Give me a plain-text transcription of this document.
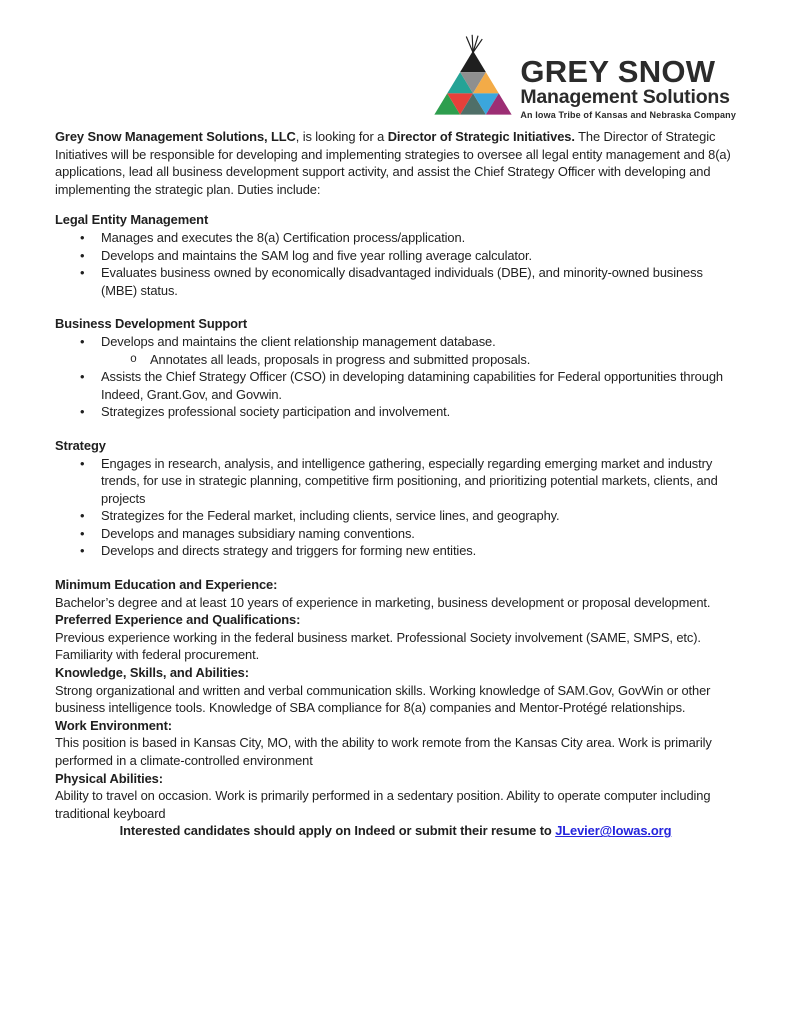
GREY SNOW
Management Solutions
An Iowa Tribe of Kansas and Nebraska Company

Grey Snow Management Solutions, LLC, is looking for a Director of Strategic Initiatives. The Director of Strategic Initiatives will be responsible for developing and implementing strategies to oversee all legal entity management and 8(a) applications, lead all business development support activity, and assist the Chief Strategy Officer with developing and implementing the strategic plan. Duties include:

Legal Entity Management
•	Manages and executes the 8(a) Certification process/application.
•	Develops and maintains the SAM log and five year rolling average calculator.
•	Evaluates business owned by economically disadvantaged individuals (DBE), and minority-owned business (MBE) status.
Business Development Support
•	Develops and maintains the client relationship management database.
o	Annotates all leads, proposals in progress and submitted proposals.
•	Assists the Chief Strategy Officer (CSO) in developing datamining capabilities for Federal opportunities through Indeed, Grant.Gov, and Govwin.
•	Strategizes professional society participation and involvement.
Strategy
•	Engages in research, analysis, and intelligence gathering, especially regarding emerging market and industry trends, for use in strategic planning, competitive firm positioning, and prioritizing potential markets, clients, and projects
•	Strategizes for the Federal market, including clients, service lines, and geography.
•	Develops and manages subsidiary naming conventions.
•	Develops and directs strategy and triggers for forming new entities.
Minimum Education and Experience:
Bachelor’s degree and at least 10 years of experience in marketing, business development or proposal development.
Preferred Experience and Qualifications:
Previous experience working in the federal business market. Professional Society involvement (SAME, SMPS, etc). Familiarity with federal procurement.
Knowledge, Skills, and Abilities:
Strong organizational and written and verbal communication skills. Working knowledge of SAM.Gov, GovWin or other business intelligence tools. Knowledge of SBA compliance for 8(a) companies and Mentor-Protégé relationships.
Work Environment:
This position is based in Kansas City, MO, with the ability to work remote from the Kansas City area. Work is primarily performed in a climate-controlled environment
Physical Abilities:
Ability to travel on occasion. Work is primarily performed in a sedentary position. Ability to operate computer including traditional keyboard

Interested candidates should apply on Indeed or submit their resume to JLevier@Iowas.org
